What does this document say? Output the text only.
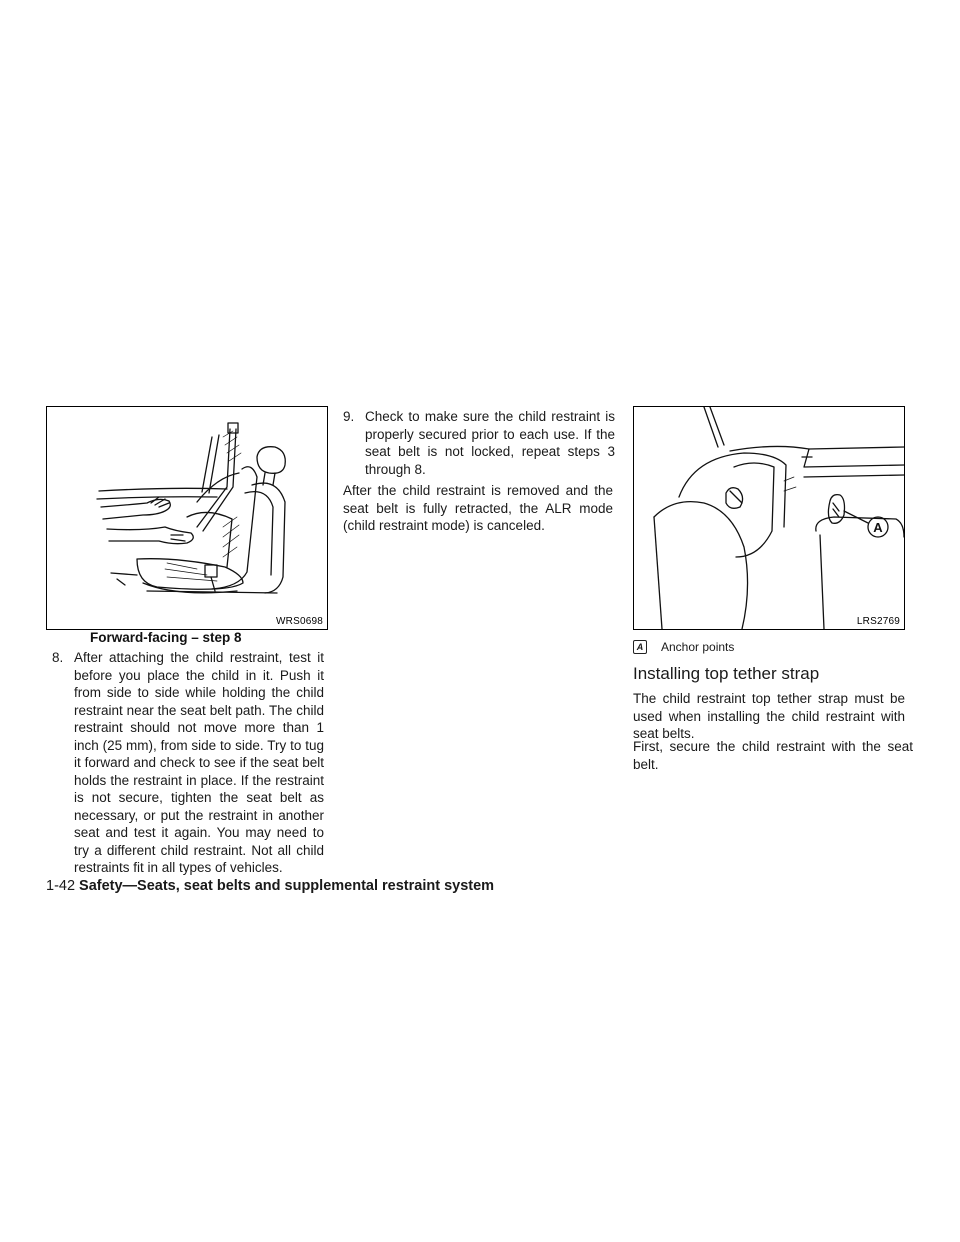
WRS0698
Forward-facing – step 8
8. After attaching the child restraint, test it before you place the child in it. Push it from side to side while holding the child restraint near the seat belt path. The child restraint should not move more than 1 inch (25 mm), from side to side. Try to tug it forward and check to see if the seat belt holds the restraint in place. If the restraint is not secure, tighten the seat belt as necessary, or put the restraint in another seat and test it again. You may need to try a different child restraint. Not all child restraints fit in all types of vehicles.
9. Check to make sure the child restraint is properly secured prior to each use. If the seat belt is not locked, repeat steps 3 through 8.
After the child restraint is removed and the seat belt is fully retracted, the ALR mode (child restraint mode) is canceled.	A
LRS2769
A	Anchor points
Installing top tether strap
The child restraint top tether strap must be used when installing the child restraint with seat belts.
First, secure the child restraint with the seat belt.
1-42 Safety—Seats, seat belts and supplemental restraint system
